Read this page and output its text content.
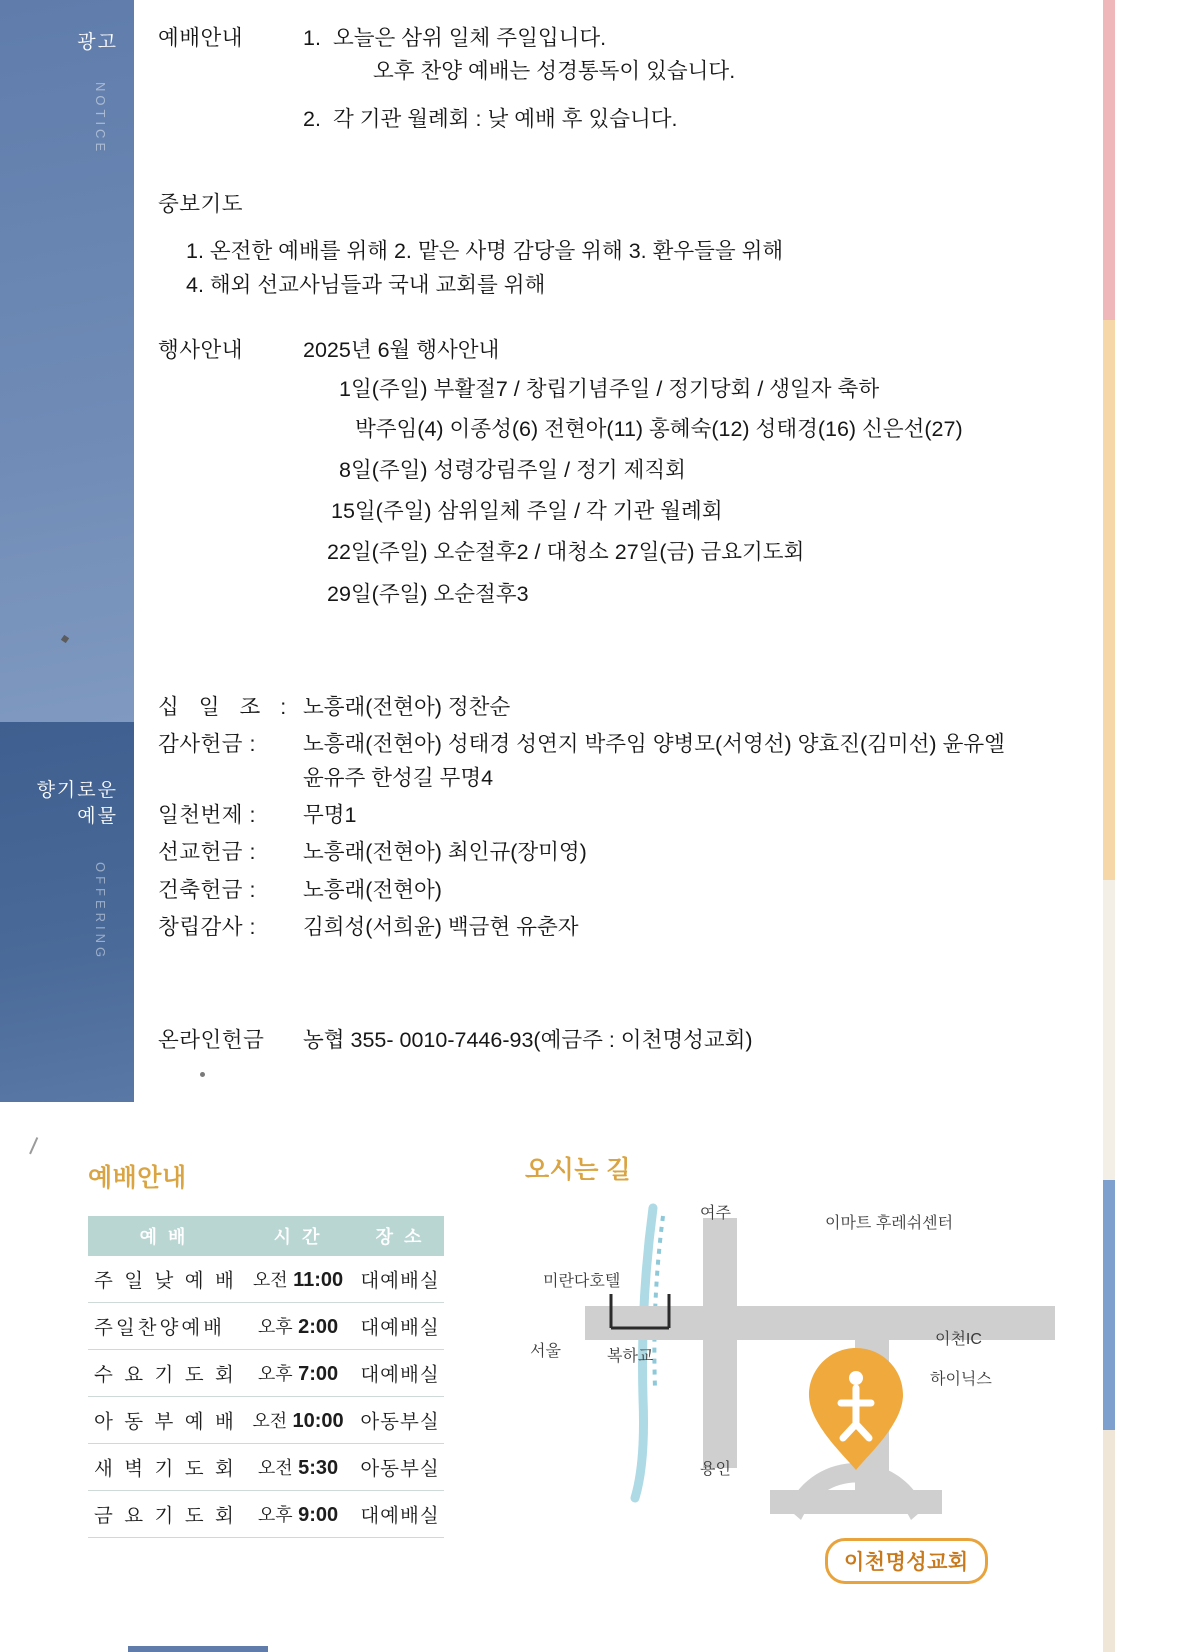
광고
NOTICE
향기로운
예물
OFFERING
예배안내	1. 오늘은 삼위 일체 주일입니다.
오후 찬양 예배는 성경통독이 있습니다.
2. 각 기관 월례회 : 낮 예배 후 있습니다.
중보기도
1. 온전한 예배를 위해 2. 맡은 사명 감당을 위해 3. 환우들을 위해
4. 해외 선교사님들과 국내 교회를 위해
행사안내	2025년 6월 행사안내
1일(주일) 부활절7 / 창립기념주일 / 정기당회 / 생일자 축하
박주임(4) 이종성(6) 전현아(11) 홍혜숙(12) 성태경(16) 신은선(27)
8일(주일) 성령강림주일 / 정기 제직회
15일(주일) 삼위일체 주일 / 각 기관 월례회
22일(주일) 오순절후2 / 대청소 27일(금) 금요기도회
29일(주일) 오순절후3
십 일 조 : 노흥래(전현아) 정찬순
감사헌금 :	노흥래(전현아) 성태경 성연지 박주임 양병모(서영선) 양효진(김미선) 윤유엘
윤유주 한성길 무명4
일천번제 :	무명1
선교헌금 :	노흥래(전현아) 최인규(장미영)
건축헌금 :	노흥래(전현아)
창립감사 :	김희성(서희윤) 백금현 유춘자
온라인헌금	농협 355- 0010-7446-93(예금주 : 이천명성교회)
예배안내
예 배	시 간	장 소
주 일 낮 예 배	오전 11:00	대예배실
주일찬양예배	오후 2:00	대예배실
수 요 기 도 회	오후 7:00	대예배실
아 동 부 예 배	오전 10:00	아동부실
새 벽 기 도 회	오전 5:30	아동부실
금 요 기 도 회	오후 9:00	대예배실
오시는 길
여주
이마트 후레쉬센터
미란다호텔
서울	복하교
이천IC
하이닉스
용인
이천명성교회
